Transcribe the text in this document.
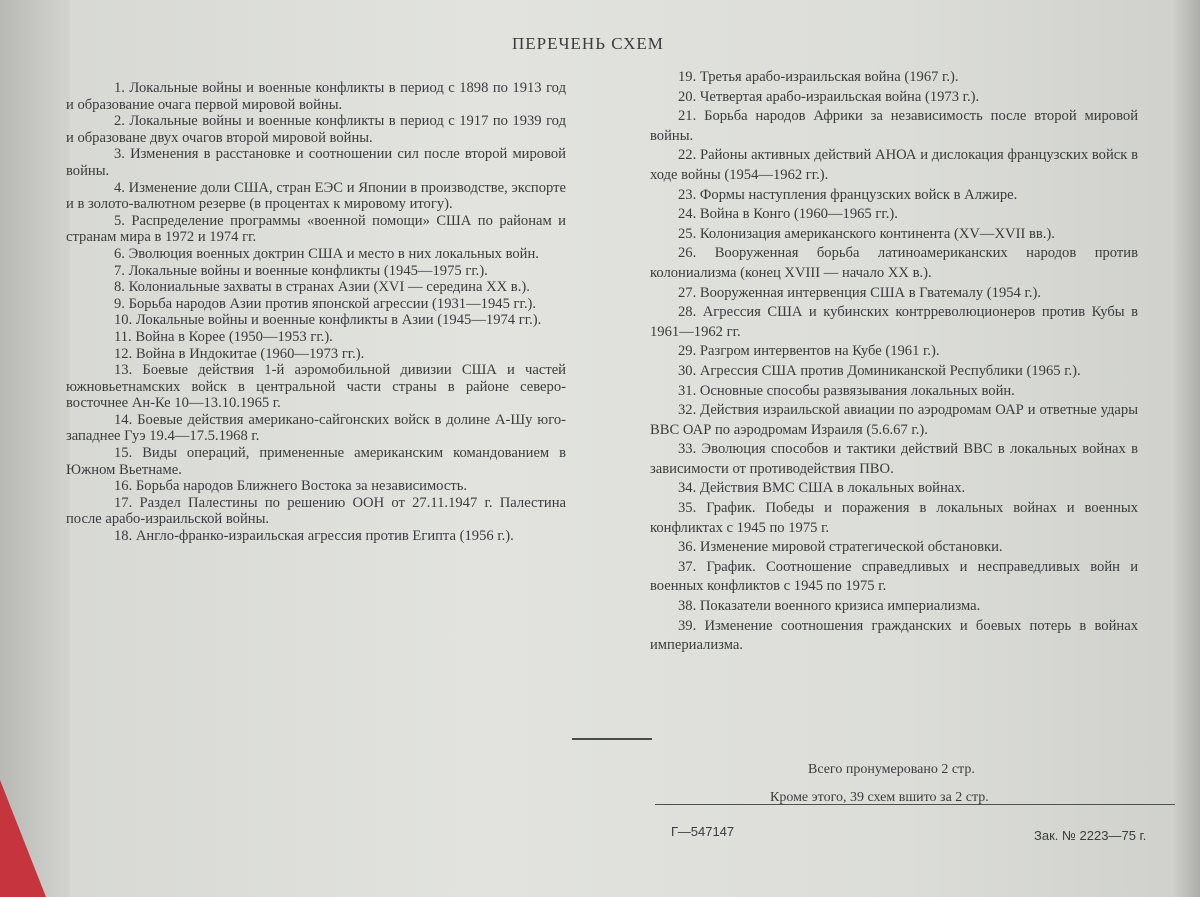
ПЕРЕЧЕНЬ СХЕМ

1. Локальные войны и военные конфликты в период с 1898 по 1913 год и образование очага первой мировой войны.

2. Локальные войны и военные конфликты в период с 1917 по 1939 год и образоване двух очагов второй мировой войны.

3. Изменения в расстановке и соотношении сил после второй мировой войны.

4. Изменение доли США, стран ЕЭС и Японии в производстве, экспорте и в золото-валютном резерве (в процентах к мировому итогу).

5. Распределение программы «военной помощи» США по районам и странам мира в 1972 и 1974 гг.

6. Эволюция военных доктрин США и место в них локальных войн.

7. Локальные войны и военные конфликты (1945—1975 гг.).

8. Колониальные захваты в странах Азии (XVI — середина XX в.).

9. Борьба народов Азии против японской агрессии (1931—1945 гг.).

10. Локальные войны и военные конфликты в Азии (1945—1974 гг.).

11. Война в Корее (1950—1953 гг.).

12. Война в Индокитае (1960—1973 гг.).

13. Боевые действия 1-й аэромобильной дивизии США и частей южновьетнамских войск в центральной части страны в районе северо-восточнее Ан-Ке 10—13.10.1965 г.

14. Боевые действия американо-сайгонских войск в долине А-Шу юго-западнее Гуэ 19.4—17.5.1968 г.

15. Виды операций, примененные американским командованием в Южном Вьетнаме.

16. Борьба народов Ближнего Востока за независимость.

17. Раздел Палестины по решению ООН от 27.11.1947 г. Палестина после арабо-израильской войны.

18. Англо-франко-израильская агрессия против Египта (1956 г.).

19. Третья арабо-израильская война (1967 г.).

20. Четвертая арабо-израильская война (1973 г.).

21. Борьба народов Африки за независимость после второй мировой войны.

22. Районы активных действий АНОА и дислокация французских войск в ходе войны (1954—1962 гг.).

23. Формы наступления французских войск в Алжире.

24. Война в Конго (1960—1965 гг.).

25. Колонизация американского континента (XV—XVII вв.).

26. Вооруженная борьба латиноамериканских народов против колониализма (конец XVIII — начало XX в.).

27. Вооруженная интервенция США в Гватемалу (1954 г.).

28. Агрессия США и кубинских контрреволюционеров против Кубы в 1961—1962 гг.

29. Разгром интервентов на Кубе (1961 г.).

30. Агрессия США против Доминиканской Республики (1965 г.).

31. Основные способы развязывания локальных войн.

32. Действия израильской авиации по аэродромам ОАР и ответные удары ВВС ОАР по аэродромам Израиля (5.6.67 г.).

33. Эволюция способов и тактики действий ВВС в локальных войнах в зависимости от противодействия ПВО.

34. Действия ВМС США в локальных войнах.

35. График. Победы и поражения в локальных войнах и военных конфликтах с 1945 по 1975 г.

36. Изменение мировой стратегической обстановки.

37. График. Соотношение справедливых и несправедливых войн и военных конфликтов с 1945 по 1975 г.

38. Показатели военного кризиса империализма.

39. Изменение соотношения гражданских и боевых потерь в войнах империализма.

Всего пронумеровано 2 стр.
Кроме этого, 39 схем вшито за 2 стр.
Г—547147	Зак. № 2223—75 г.
